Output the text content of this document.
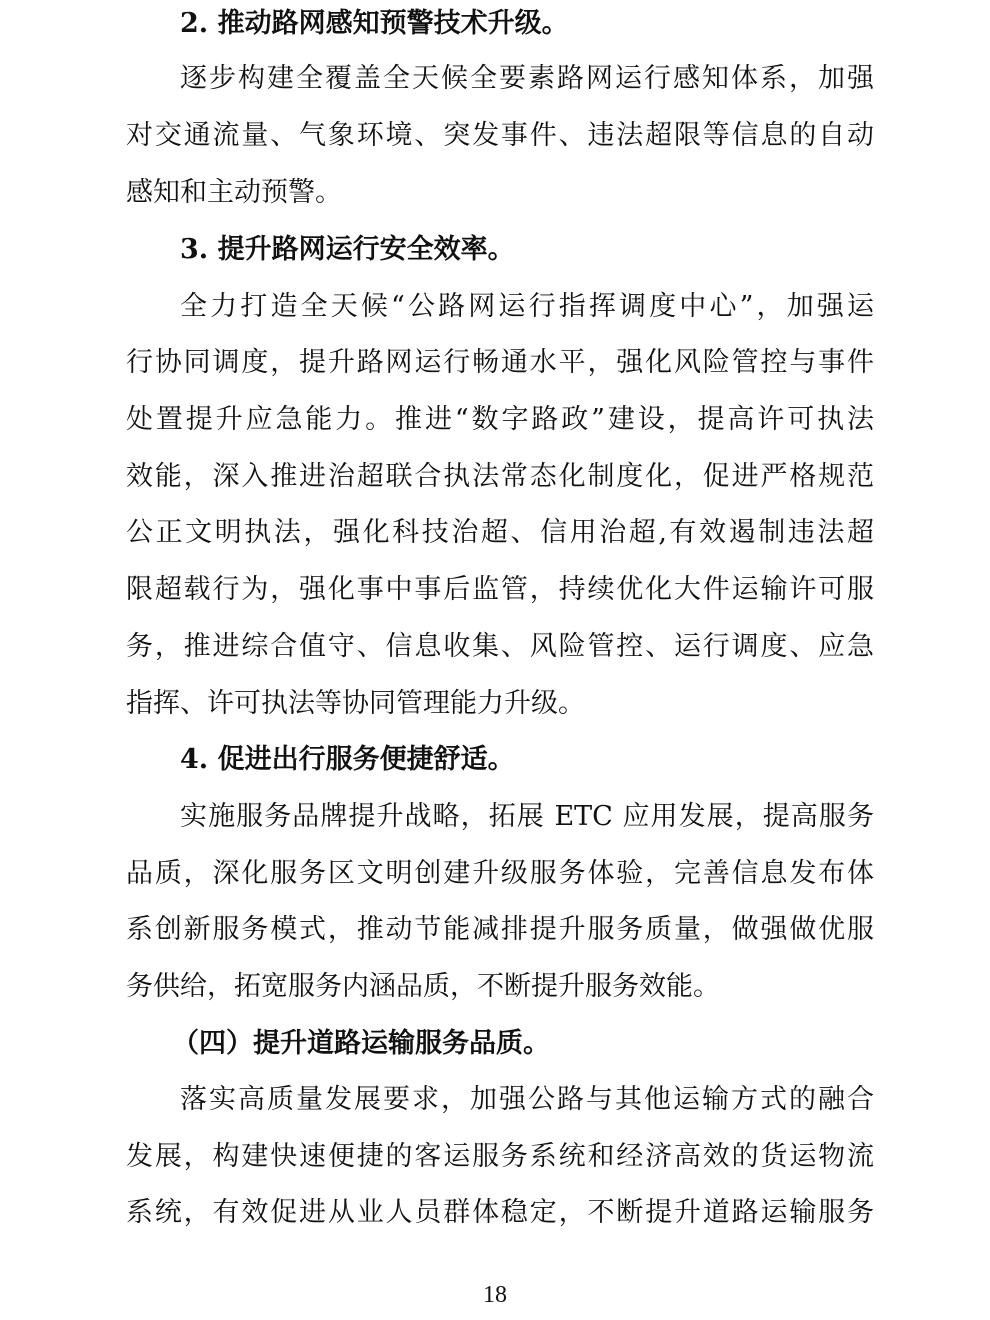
2. 推动路网感知预警技术升级。
逐步构建全覆盖全天候全要素路网运行感知体系，加强
对交通流量、气象环境、突发事件、违法超限等信息的自动
感知和主动预警。
3. 提升路网运行安全效率。
全力打造全天候“公路网运行指挥调度中心”，加强运
行协同调度，提升路网运行畅通水平，强化风险管控与事件
处置提升应急能力。推进“数字路政”建设，提高许可执法
效能，深入推进治超联合执法常态化制度化，促进严格规范
公正文明执法，强化科技治超、信用治超,有效遏制违法超
限超载行为，强化事中事后监管，持续优化大件运输许可服
务，推进综合值守、信息收集、风险管控、运行调度、应急
指挥、许可执法等协同管理能力升级。
4. 促进出行服务便捷舒适。
实施服务品牌提升战略，拓展 ETC 应用发展，提高服务
品质，深化服务区文明创建升级服务体验，完善信息发布体
系创新服务模式，推动节能减排提升服务质量，做强做优服
务供给，拓宽服务内涵品质，不断提升服务效能。
（四）提升道路运输服务品质。
落实高质量发展要求，加强公路与其他运输方式的融合
发展，构建快速便捷的客运服务系统和经济高效的货运物流
系统，有效促进从业人员群体稳定，不断提升道路运输服务
18
